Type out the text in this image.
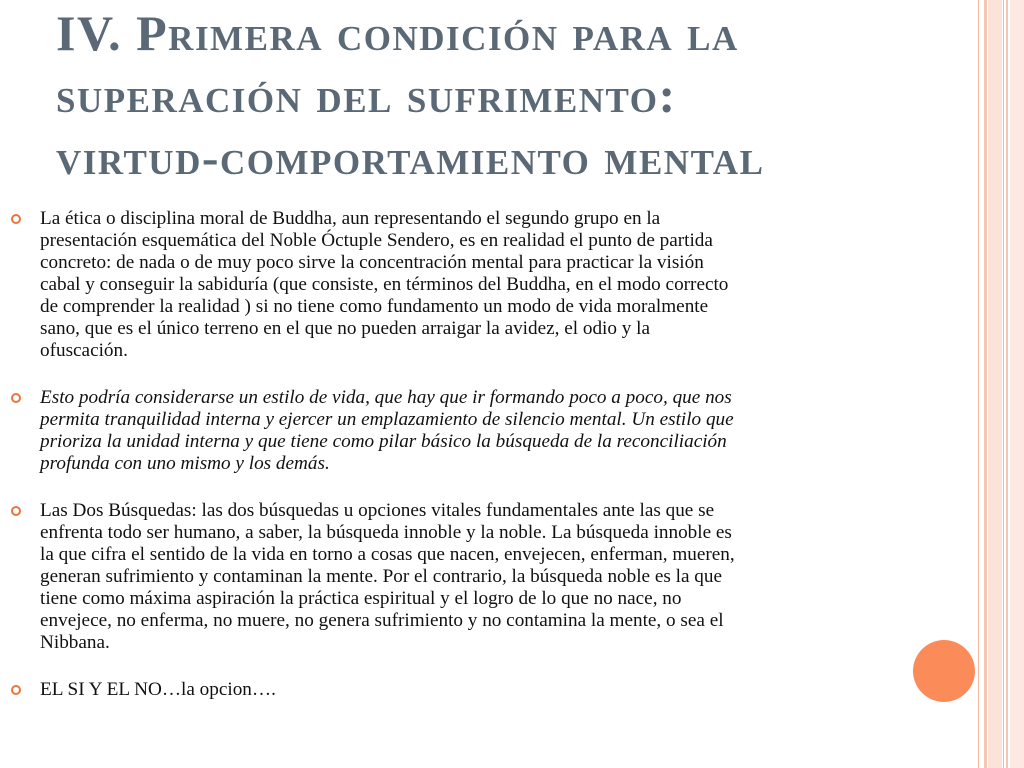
IV. Primera condición para la
superación del sufrimento:
virtud-comportamiento mental
La ética o disciplina moral de Buddha, aun representando el segundo grupo en la
presentación esquemática del Noble Óctuple Sendero, es en realidad el punto de partida
concreto: de nada o de muy poco sirve la concentración mental para practicar la visión
cabal y conseguir la sabiduría (que consiste, en términos del Buddha, en el modo correcto
de comprender la realidad ) si no tiene como fundamento un modo de vida moralmente
sano, que es el único terreno en el que no pueden arraigar la avidez, el odio y la
ofuscación.
Esto podría considerarse un estilo de vida, que hay que ir formando poco a poco, que nos
permita tranquilidad interna y ejercer un emplazamiento de silencio mental. Un estilo que
prioriza la unidad interna y que tiene como pilar básico la búsqueda de la reconciliación
profunda con uno mismo y los demás.
Las Dos Búsquedas: las dos búsquedas u opciones vitales fundamentales ante las que se
enfrenta todo ser humano, a saber, la búsqueda innoble y la noble. La búsqueda innoble es
la que cifra el sentido de la vida en torno a cosas que nacen, envejecen, enferman, mueren,
generan sufrimiento y contaminan la mente. Por el contrario, la búsqueda noble es la que
tiene como máxima aspiración la práctica espiritual y el logro de lo que no nace, no
envejece, no enferma, no muere, no genera sufrimiento y no contamina la mente, o sea el
Nibbana.
EL SI Y EL NO…la opcion….
